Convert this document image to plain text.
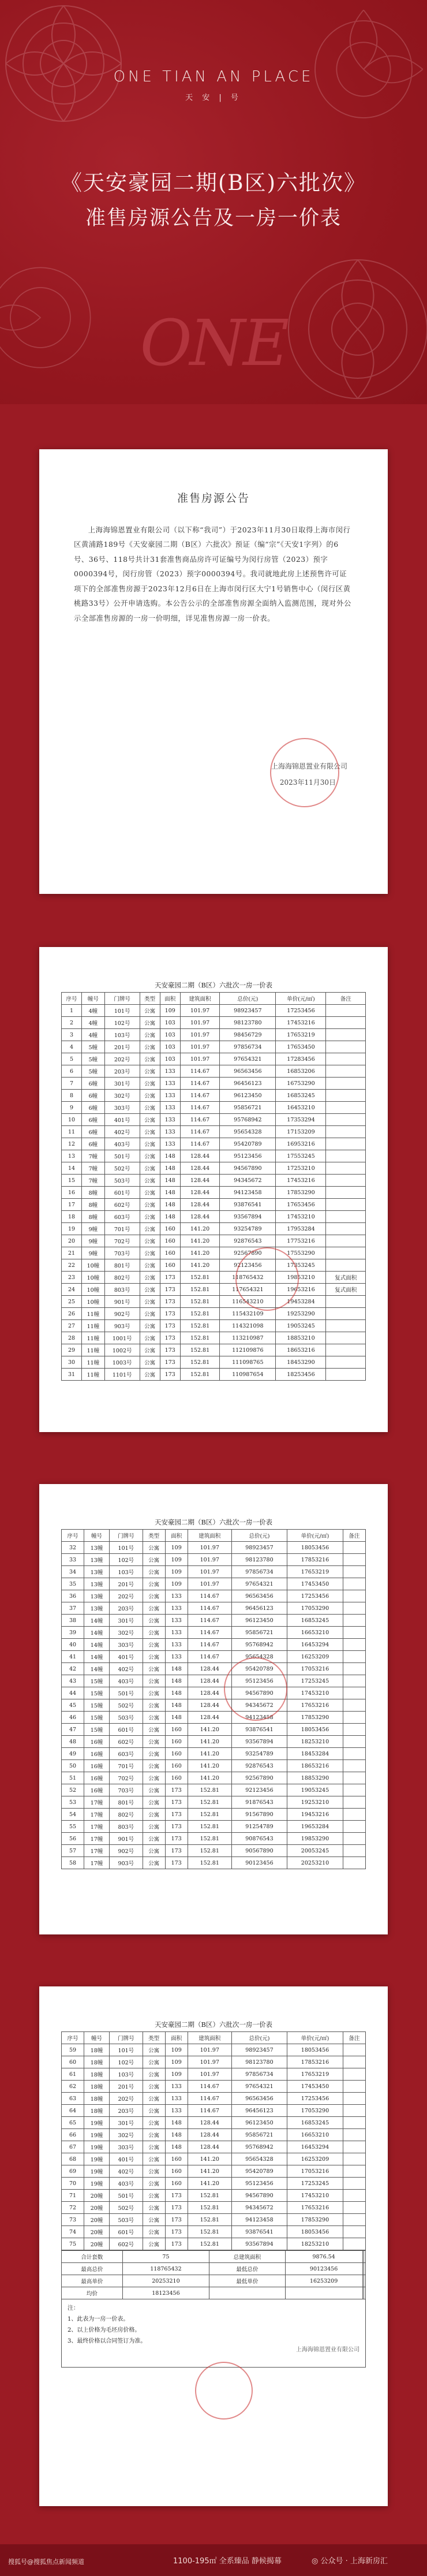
ONE TIAN AN PLACE
天 安 | 号
《天安豪园二期(B区)六批次》
准售房源公告及一房一价表
ONE
准售房源公告

上海海锦恩置业有限公司（以下称“我司”）于2023年11月30日取得上海市闵行区黄浦路189号《天安豪园二期（B区）六批次》预证（编“宗”《天安1字列）的6号、36号、118号共计31套准售商品房许可证编号为闵行房管（2023）预字0000394号，闵行房管（2023）预字0000394号。我司就地此房上述预售许可证项下的全部准售房源于2023年12月6日在上海市闵行区大宁1号销售中心（闵行区黄桃路33号）公开申请选购。本公告公示的全部准售房源全面纳入监测范围，现对外公示全部准售房源的一房一价明细，详见准售房源一房一价表。

上海海锦恩置业有限公司
2023年11月30日
天安豪园二期（B区）六批次一房一价表
序号	幢号	门牌号	类型	面积	建筑面积	总价(元)	单价(元/㎡)	备注
1	4幢	101号	公寓	109	101.97	98923457	17253456	
2	4幢	102号	公寓	103	101.97	98123780	17453216	
3	4幢	103号	公寓	103	101.97	98456729	17653219	
4	5幢	201号	公寓	103	101.97	97856734	17653450	
5	5幢	202号	公寓	103	101.97	97654321	17283456	
6	5幢	203号	公寓	133	114.67	96563456	16853206	
7	6幢	301号	公寓	133	114.67	96456123	16753290	
8	6幢	302号	公寓	133	114.67	96123450	16853245	
9	6幢	303号	公寓	133	114.67	95856721	16453210	
10	6幢	401号	公寓	133	114.67	95768942	17353294	
11	6幢	402号	公寓	133	114.67	95654328	17153209	
12	6幢	403号	公寓	133	114.67	95420789	16953216	
13	7幢	501号	公寓	148	128.44	95123456	17553245	
14	7幢	502号	公寓	148	128.44	94567890	17253210	
15	7幢	503号	公寓	148	128.44	94345672	17453216	
16	8幢	601号	公寓	148	128.44	94123458	17853290	
17	8幢	602号	公寓	148	128.44	93876541	17653456	
18	8幢	603号	公寓	148	128.44	93567894	17453210	
19	9幢	701号	公寓	160	141.20	93254789	17953284	
20	9幢	702号	公寓	160	141.20	92876543	17753216	
21	9幢	703号	公寓	160	141.20	92567890	17553290	
22	10幢	801号	公寓	160	141.20	92123456	17353245	
23	10幢	802号	公寓	173	152.81	118765432	19853210	复式面积
24	10幢	803号	公寓	173	152.81	117654321	19653216	复式面积
25	10幢	901号	公寓	173	152.81	116543210	19453284	
26	11幢	902号	公寓	173	152.81	115432109	19253290	
27	11幢	903号	公寓	173	152.81	114321098	19053245	
28	11幢	1001号	公寓	173	152.81	113210987	18853210	
29	11幢	1002号	公寓	173	152.81	112109876	18653216	
30	11幢	1003号	公寓	173	152.81	111098765	18453290	
31	11幢	1101号	公寓	173	152.81	110987654	18253456	
天安豪园二期（B区）六批次一房一价表
序号	幢号	门牌号	类型	面积	建筑面积	总价(元)	单价(元/㎡)	备注
32	13幢	101号	公寓	109	101.97	98923457	18053456	
33	13幢	102号	公寓	109	101.97	98123780	17853216	
34	13幢	103号	公寓	109	101.97	97856734	17653219	
35	13幢	201号	公寓	109	101.97	97654321	17453450	
36	13幢	202号	公寓	133	114.67	96563456	17253456	
37	13幢	203号	公寓	133	114.67	96456123	17053290	
38	14幢	301号	公寓	133	114.67	96123450	16853245	
39	14幢	302号	公寓	133	114.67	95856721	16653210	
40	14幢	303号	公寓	133	114.67	95768942	16453294	
41	14幢	401号	公寓	133	114.67	95654328	16253209	
42	14幢	402号	公寓	148	128.44	95420789	17053216	
43	15幢	403号	公寓	148	128.44	95123456	17253245	
44	15幢	501号	公寓	148	128.44	94567890	17453210	
45	15幢	502号	公寓	148	128.44	94345672	17653216	
46	15幢	503号	公寓	148	128.44	94123458	17853290	
47	15幢	601号	公寓	160	141.20	93876541	18053456	
48	16幢	602号	公寓	160	141.20	93567894	18253210	
49	16幢	603号	公寓	160	141.20	93254789	18453284	
50	16幢	701号	公寓	160	141.20	92876543	18653216	
51	16幢	702号	公寓	160	141.20	92567890	18853290	
52	16幢	703号	公寓	173	152.81	92123456	19053245	
53	17幢	801号	公寓	173	152.81	91876543	19253210	
54	17幢	802号	公寓	173	152.81	91567890	19453216	
55	17幢	803号	公寓	173	152.81	91254789	19653284	
56	17幢	901号	公寓	173	152.81	90876543	19853290	
57	17幢	902号	公寓	173	152.81	90567890	20053245	
58	17幢	903号	公寓	173	152.81	90123456	20253210	
天安豪园二期（B区）六批次一房一价表
序号	幢号	门牌号	类型	面积	建筑面积	总价(元)	单价(元/㎡)	备注
59	18幢	101号	公寓	109	101.97	98923457	18053456	
60	18幢	102号	公寓	109	101.97	98123780	17853216	
61	18幢	103号	公寓	109	101.97	97856734	17653219	
62	18幢	201号	公寓	133	114.67	97654321	17453450	
63	18幢	202号	公寓	133	114.67	96563456	17253456	
64	18幢	203号	公寓	133	114.67	96456123	17053290	
65	19幢	301号	公寓	148	128.44	96123450	16853245	
66	19幢	302号	公寓	148	128.44	95856721	16653210	
67	19幢	303号	公寓	148	128.44	95768942	16453294	
68	19幢	401号	公寓	160	141.20	95654328	16253209	
69	19幢	402号	公寓	160	141.20	95420789	17053216	
70	19幢	403号	公寓	160	141.20	95123456	17253245	
71	20幢	501号	公寓	173	152.81	94567890	17453210	
72	20幢	502号	公寓	173	152.81	94345672	17653216	
73	20幢	503号	公寓	173	152.81	94123458	17853290	
74	20幢	601号	公寓	173	152.81	93876541	18053456	
75	20幢	602号	公寓	173	152.81	93567894	18253210	
合计套数	75	总建筑面积	9876.54		
最高总价	118765432	最低总价	90123456		
最高单价	20253210	最低单价	16253209		
均价	18123456				
注：
1、此表为一房一价表。
2、以上价格为毛坯房价格。
3、最终价格以合同签订为准。
上海海锦恩置业有限公司
搜狐号@搜狐焦点新闻频道	1100-195㎡ 全系臻品 静候揭幕	◎ 公众号 · 上海新房汇
